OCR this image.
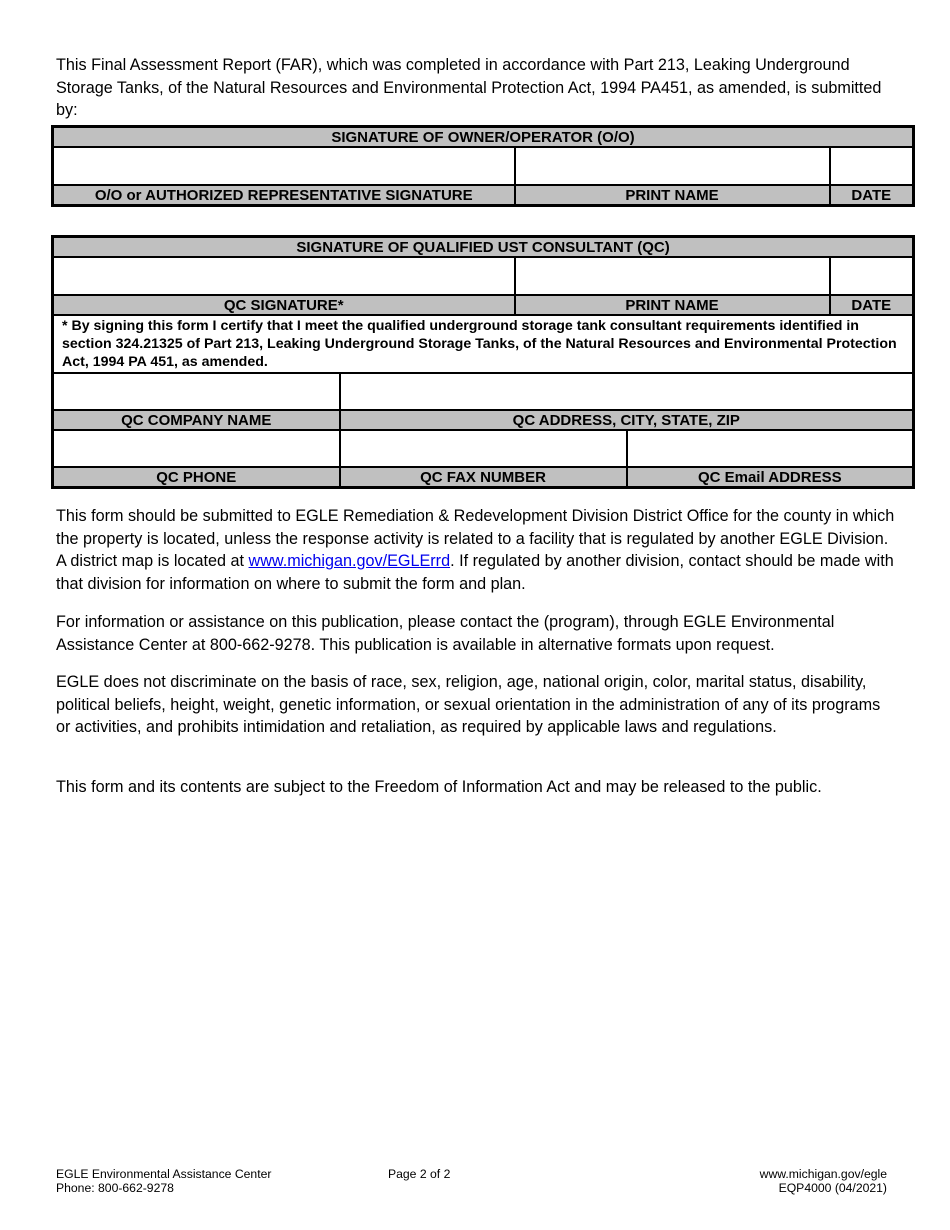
This Final Assessment Report (FAR), which was completed in accordance with Part 213, Leaking Underground Storage Tanks, of the Natural Resources and Environmental Protection Act, 1994 PA451, as amended, is submitted by:

SIGNATURE OF OWNER/OPERATOR (O/O)		

O/O or AUTHORIZED REPRESENTATIVE SIGNATURE	PRINT NAME	DATE
SIGNATURE OF QUALIFIED UST CONSULTANT (QC)				

QC SIGNATURE*		PRINT NAME		DATE
* By signing this form I certify that I meet the qualified underground storage tank consultant requirements identified in section 324.21325 of Part 213, Leaking Underground Storage Tanks, of the Natural Resources and Environmental Protection Act, 1994 PA 451, as amended.				

QC COMPANY NAME	QC ADDRESS, CITY, STATE, ZIP			

QC PHONE	QC FAX NUMBER		QC Email ADDRESS	

This form should be submitted to EGLE Remediation & Redevelopment Division District Office for the county in which the property is located, unless the response activity is related to a facility that is regulated by another EGLE Division. A district map is located at www.michigan.gov/EGLErrd. If regulated by another division, contact should be made with that division for information on where to submit the form and plan.

For information or assistance on this publication, please contact the (program), through EGLE Environmental Assistance Center at 800-662-9278. This publication is available in alternative formats upon request.

EGLE does not discriminate on the basis of race, sex, religion, age, national origin, color, marital status, disability, political beliefs, height, weight, genetic information, or sexual orientation in the administration of any of its programs or activities, and prohibits intimidation and retaliation, as required by applicable laws and regulations.

This form and its contents are subject to the Freedom of Information Act and may be released to the public.

EGLE Environmental Assistance Center
Phone: 800-662-9278

Page 2 of 2	www.michigan.gov/egle
EQP4000 (04/2021)
